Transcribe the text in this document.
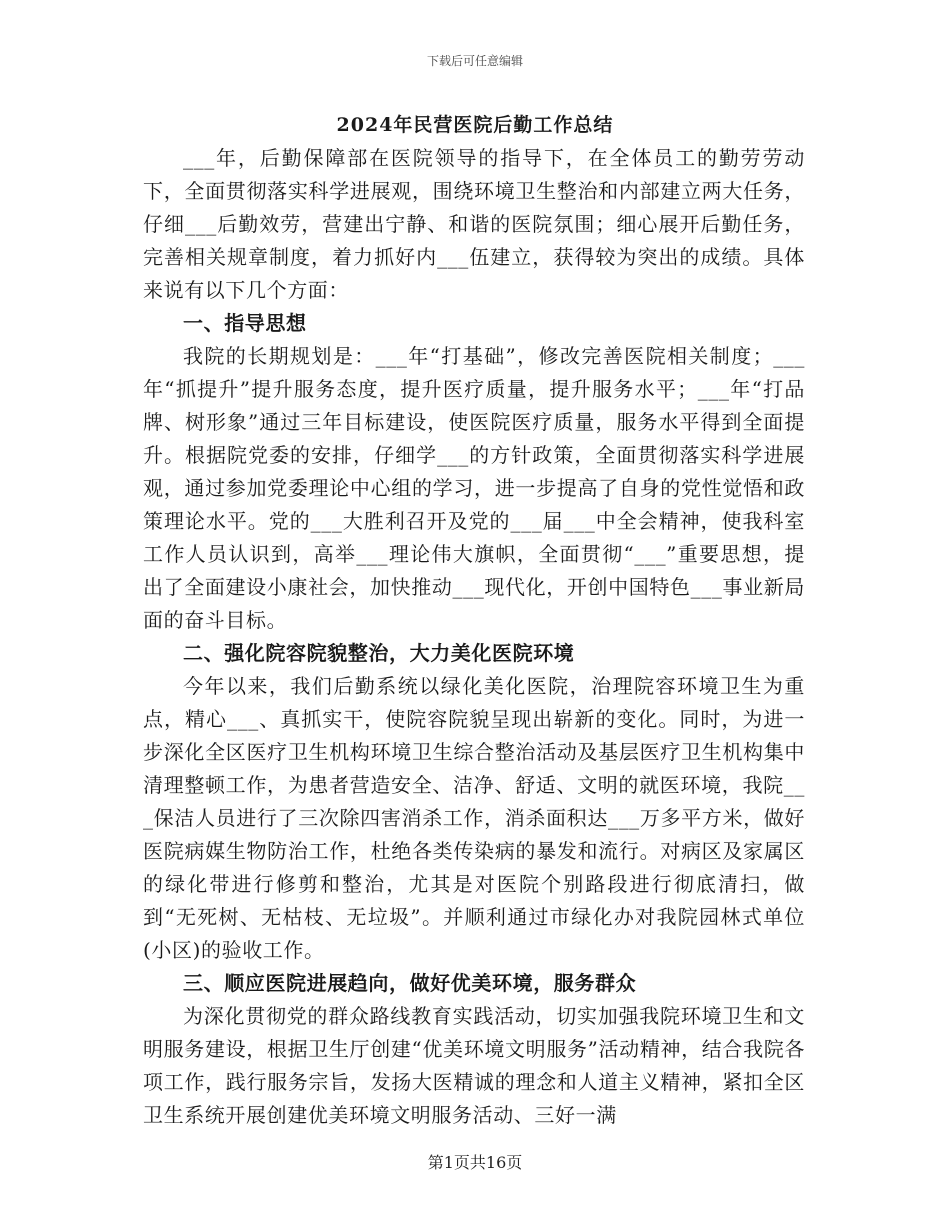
下载后可任意编辑
2024年民营医院后勤工作总结

___年，后勤保障部在医院领导的指导下，在全体员工的勤劳劳动下，全面贯彻落实科学进展观，围绕环境卫生整治和内部建立两大任务，仔细___后勤效劳，营建出宁静、和谐的医院氛围；细心展开后勤任务，完善相关规章制度，着力抓好内___伍建立，获得较为突出的成绩。具体来说有以下几个方面：

一、指导思想

我院的长期规划是：___年“打基础”，修改完善医院相关制度；___年“抓提升”提升服务态度，提升医疗质量，提升服务水平；___年“打品牌、树形象”通过三年目标建设，使医院医疗质量，服务水平得到全面提升。根据院党委的安排，仔细学___的方针政策，全面贯彻落实科学进展观，通过参加党委理论中心组的学习，进一步提高了自身的党性觉悟和政策理论水平。党的___大胜利召开及党的___届___中全会精神，使我科室工作人员认识到，高举___理论伟大旗帜，全面贯彻“___”重要思想，提出了全面建设小康社会，加快推动___现代化，开创中国特色___事业新局面的奋斗目标。

二、强化院容院貌整治，大力美化医院环境

今年以来，我们后勤系统以绿化美化医院，治理院容环境卫生为重点，精心___、真抓实干，使院容院貌呈现出崭新的变化。同时，为进一步深化全区医疗卫生机构环境卫生综合整治活动及基层医疗卫生机构集中清理整顿工作，为患者营造安全、洁净、舒适、文明的就医环境，我院___保洁人员进行了三次除四害消杀工作，消杀面积达___万多平方米，做好医院病媒生物防治工作，杜绝各类传染病的暴发和流行。对病区及家属区的绿化带进行修剪和整治，尤其是对医院个别路段进行彻底清扫，做到“无死树、无枯枝、无垃圾”。并顺利通过市绿化办对我院园林式单位(小区)的验收工作。

三、顺应医院进展趋向，做好优美环境，服务群众

为深化贯彻党的群众路线教育实践活动，切实加强我院环境卫生和文明服务建设，根据卫生厅创建“优美环境文明服务”活动精神，结合我院各项工作，践行服务宗旨，发扬大医精诚的理念和人道主义精神，紧扣全区卫生系统开展创建优美环境文明服务活动、三好一满

第1页共16页
